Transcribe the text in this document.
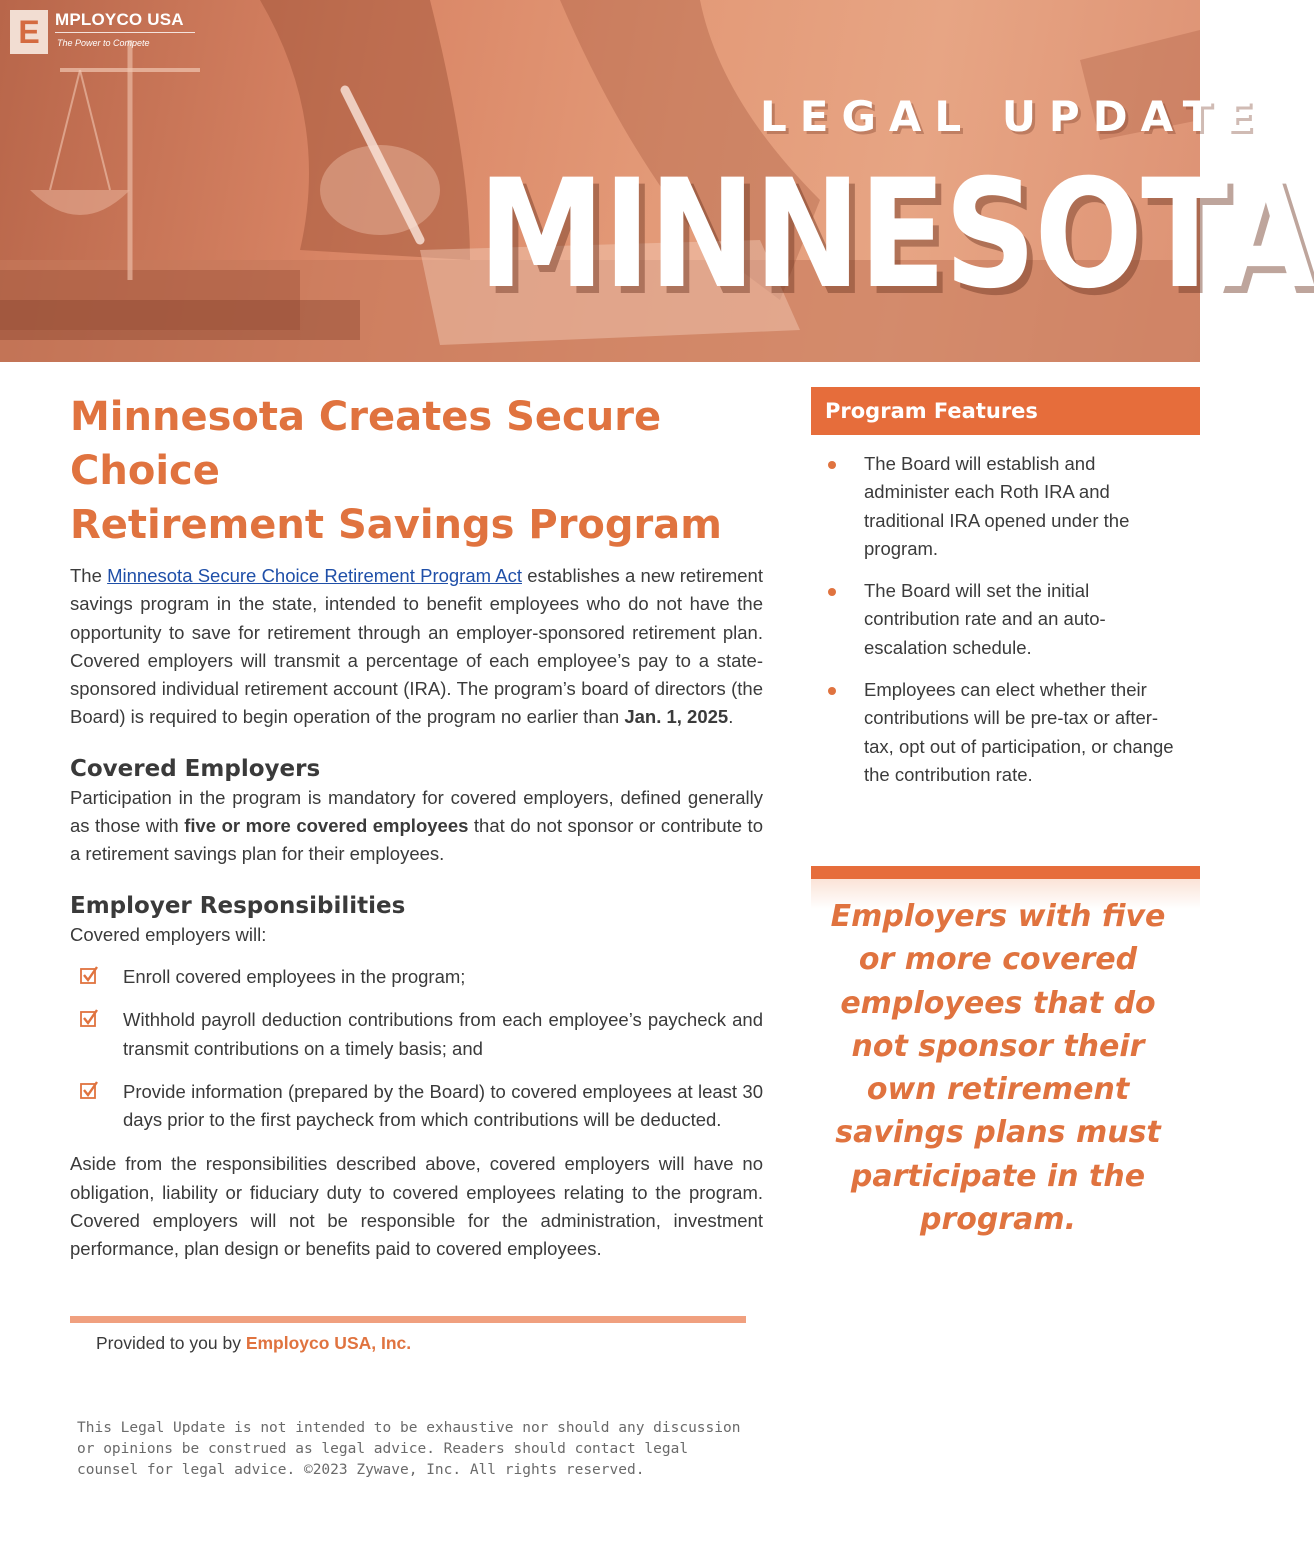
E MPLOYCO USA
The Power to Compete
LEGAL UPDATE
MINNESOTA
Minnesota Creates Secure Choice
Retirement Savings Program

The Minnesota Secure Choice Retirement Program Act establishes a new retirement savings program in the state, intended to benefit employees who do not have the opportunity to save for retirement through an employer-sponsored retirement plan. Covered employers will transmit a percentage of each employee’s pay to a state-sponsored individual retirement account (IRA). The program’s board of directors (the Board) is required to begin operation of the program no earlier than Jan. 1, 2025.

Covered Employers

Participation in the program is mandatory for covered employers, defined generally as those with five or more covered employees that do not sponsor or contribute to a retirement savings plan for their employees.

Employer Responsibilities

Covered employers will:

Enroll covered employees in the program;
Withhold payroll deduction contributions from each employee’s paycheck and transmit contributions on a timely basis; and
Provide information (prepared by the Board) to covered employees at least 30 days prior to the first paycheck from which contributions will be deducted.

Aside from the responsibilities described above, covered employers will have no obligation, liability or fiduciary duty to covered employees relating to the program. Covered employers will not be responsible for the administration, investment performance, plan design or benefits paid to covered employees.

Provided to you by Employco USA, Inc.
This Legal Update is not intended to be exhaustive nor should any discussion or opinions be construed as legal advice. Readers should contact legal counsel for legal advice. ©2023 Zywave, Inc. All rights reserved.
Program Features
The Board will establish and administer each Roth IRA and traditional IRA opened under the program.
The Board will set the initial contribution rate and an auto-escalation schedule.
Employees can elect whether their contributions will be pre-tax or after-tax, opt out of participation, or change the contribution rate.
Employers with five or more covered employees that do not sponsor their own retirement savings plans must participate in the program.
